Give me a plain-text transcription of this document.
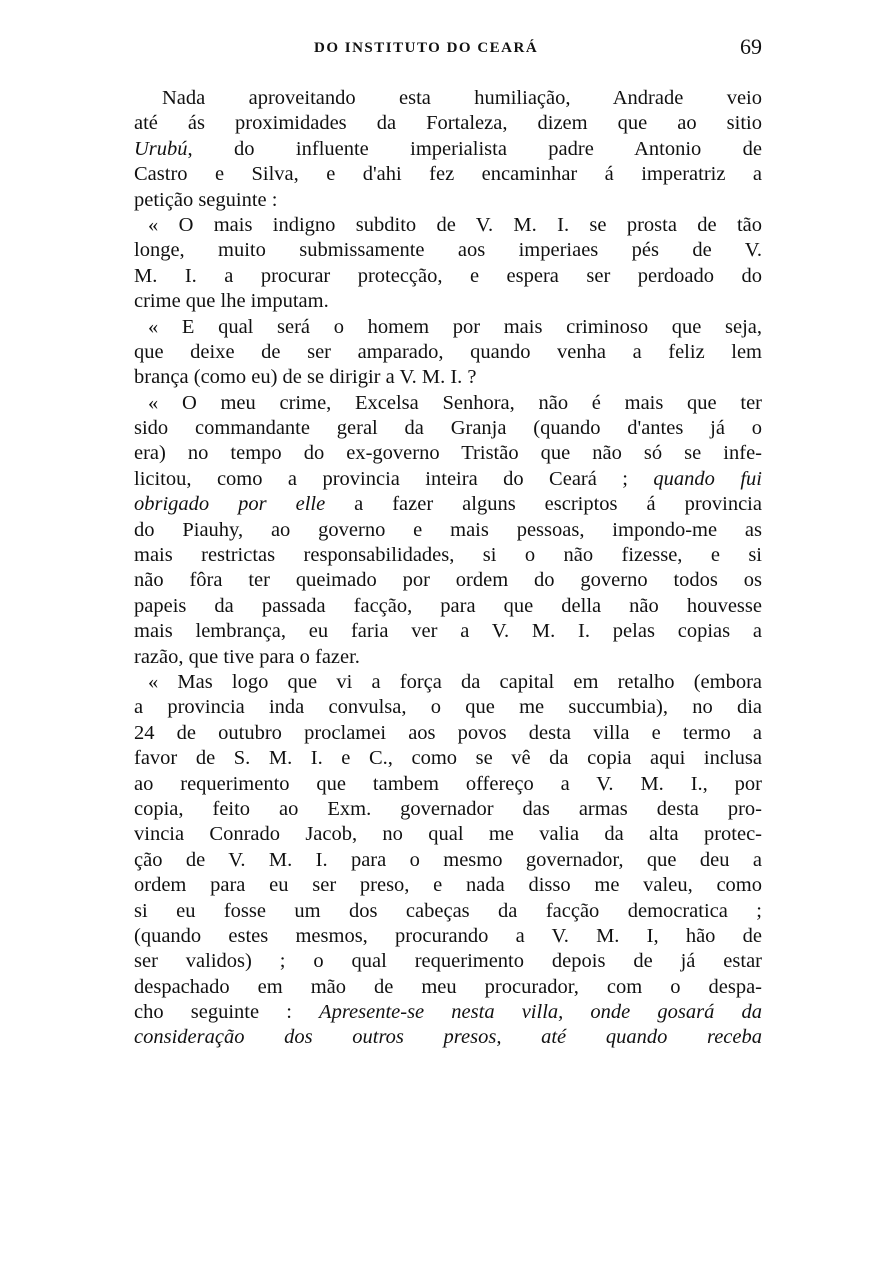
DO INSTITUTO DO CEARÁ	69
Nada aproveitando esta humiliação, Andrade veio
até ás proximidades da Fortaleza, dizem que ao sitio
Urubú, do influente imperialista padre Antonio de
Castro e Silva, e d'ahi fez encaminhar á imperatriz a
petição seguinte :
« O mais indigno subdito de V. M. I. se prosta de tão
longe, muito submissamente aos imperiaes pés de V.
M. I. a procurar protecção, e espera ser perdoado do
crime que lhe imputam.
« E qual será o homem por mais criminoso que seja,
que deixe de ser amparado, quando venha a feliz lem
brança (como eu) de se dirigir a V. M. I. ?
« O meu crime, Excelsa Senhora, não é mais que ter
sido commandante geral da Granja (quando d'antes já o
era) no tempo do ex-governo Tristão que não só se infe-
licitou, como a provincia inteira do Ceará ; quando fui
obrigado por elle a fazer alguns escriptos á provincia
do Piauhy, ao governo e mais pessoas, impondo-me as
mais restrictas responsabilidades, si o não fizesse, e si
não fôra ter queimado por ordem do governo todos os
papeis da passada facção, para que della não houvesse
mais lembrança, eu faria ver a V. M. I. pelas copias a
razão, que tive para o fazer.
« Mas logo que vi a força da capital em retalho (embora
a provincia inda convulsa, o que me succumbia), no dia
24 de outubro proclamei aos povos desta villa e termo a
favor de S. M. I. e C., como se vê da copia aqui inclusa
ao requerimento que tambem offereço a V. M. I., por
copia, feito ao Exm. governador das armas desta pro-
vincia Conrado Jacob, no qual me valia da alta protec-
ção de V. M. I. para o mesmo governador, que deu a
ordem para eu ser preso, e nada disso me valeu, como
si eu fosse um dos cabeças da facção democratica ;
(quando estes mesmos, procurando a V. M. I, hão de
ser validos) ; o qual requerimento depois de já estar
despachado em mão de meu procurador, com o despa-
cho seguinte : Apresente-se nesta villa, onde gosará da
consideração dos outros presos, até quando receba
